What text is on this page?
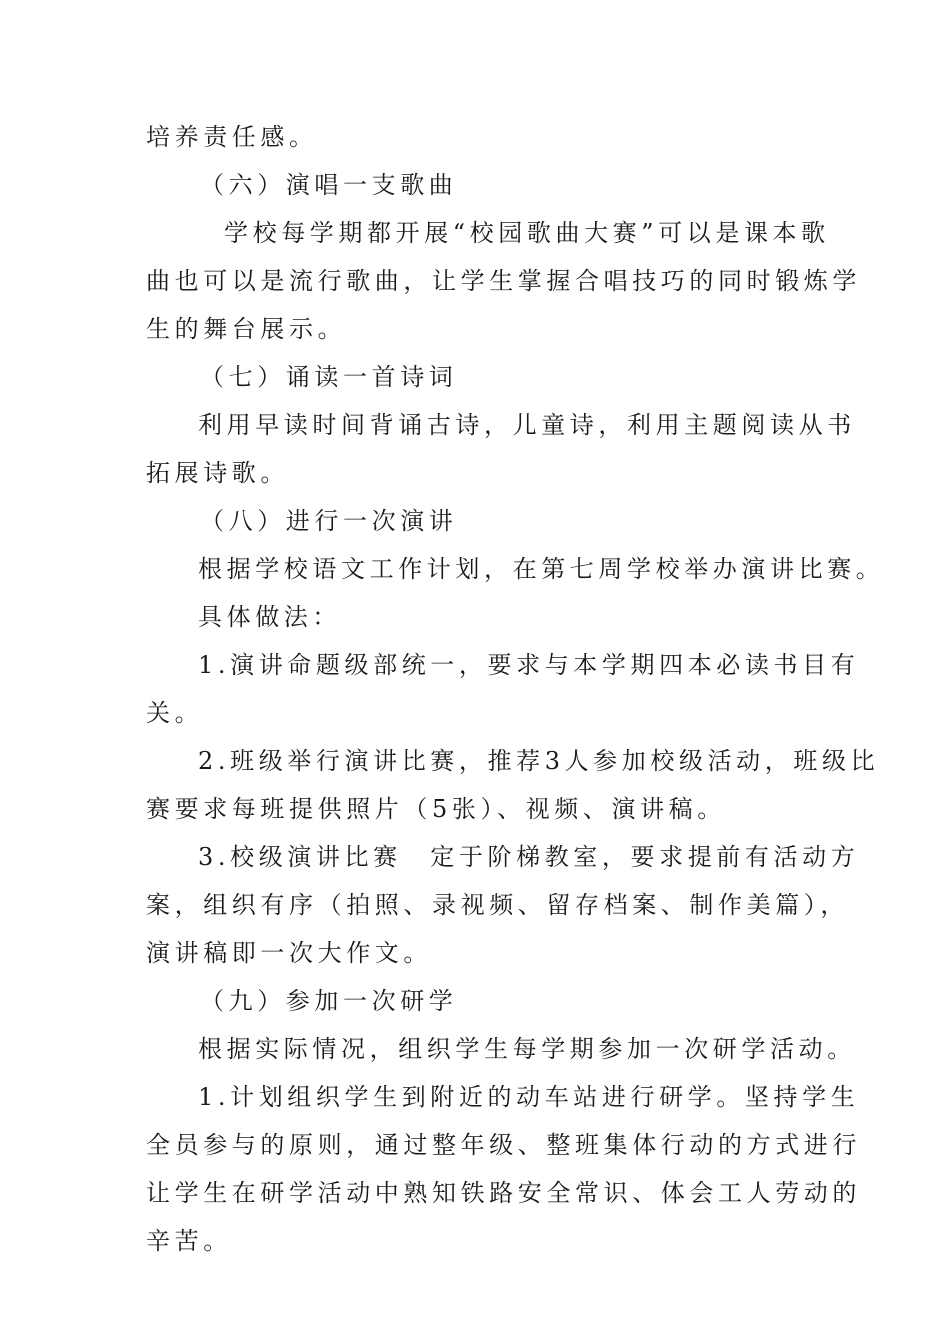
培养责任感。

（六）演唱一支歌曲

学校每学期都开展“校园歌曲大赛”可以是课本歌

曲也可以是流行歌曲，让学生掌握合唱技巧的同时锻炼学

生的舞台展示。

（七）诵读一首诗词

利用早读时间背诵古诗，儿童诗，利用主题阅读从书

拓展诗歌。

（八）进行一次演讲

根据学校语文工作计划，在第七周学校举办演讲比赛。

具体做法：

1.演讲命题级部统一，要求与本学期四本必读书目有

关。

2.班级举行演讲比赛，推荐3人参加校级活动，班级比

赛要求每班提供照片（5张）、视频、演讲稿。

3.校级演讲比赛　定于阶梯教室，要求提前有活动方

案，组织有序（拍照、录视频、留存档案、制作美篇），

演讲稿即一次大作文。

（九）参加一次研学

根据实际情况，组织学生每学期参加一次研学活动。

1.计划组织学生到附近的动车站进行研学。坚持学生

全员参与的原则，通过整年级、整班集体行动的方式进行

让学生在研学活动中熟知铁路安全常识、体会工人劳动的

辛苦。
